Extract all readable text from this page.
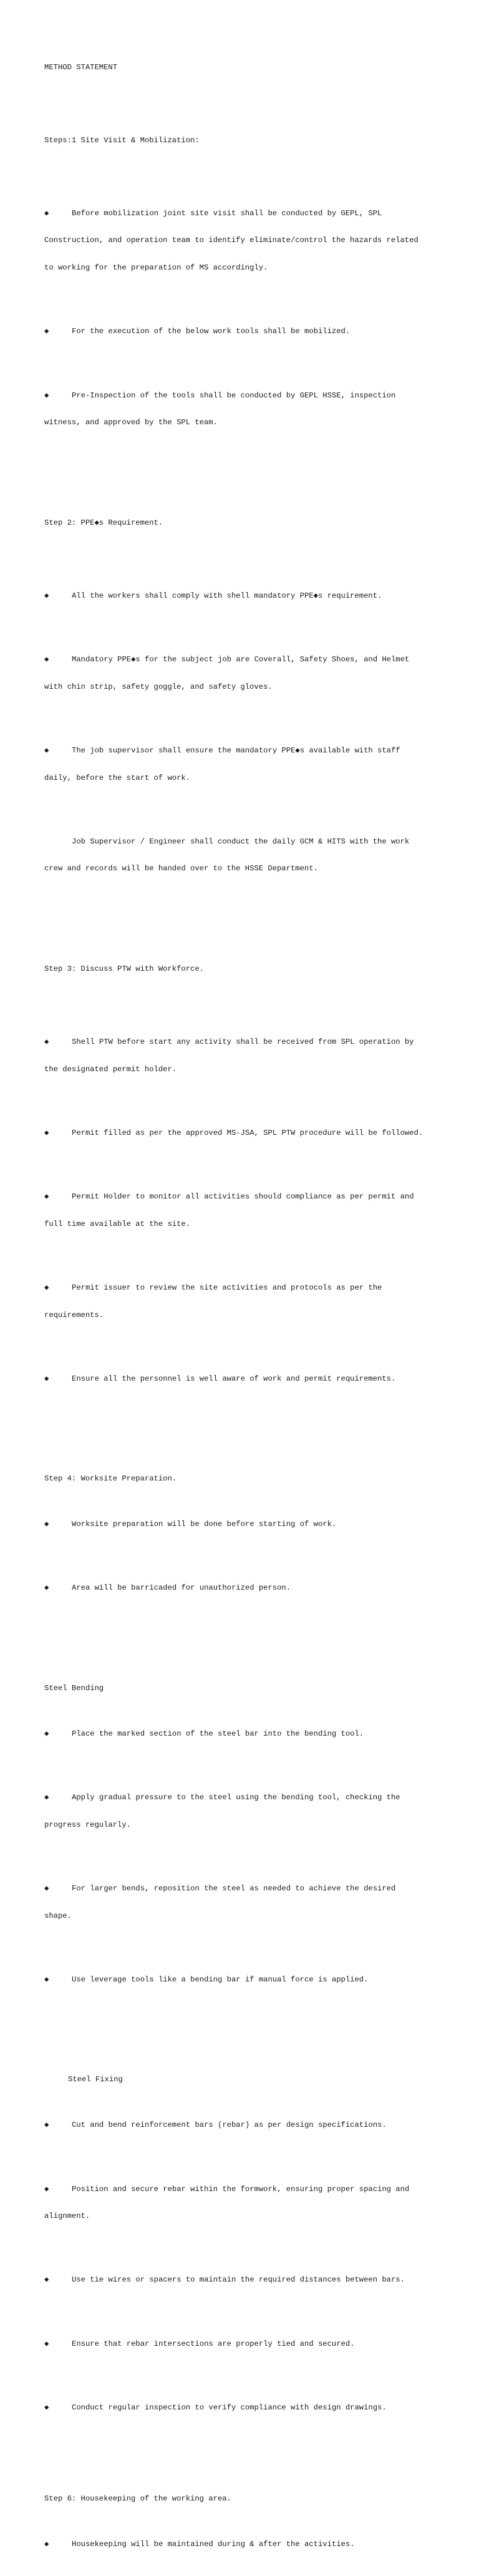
METHOD STATEMENT

Steps:1 Site Visit & Mobilization:

◆	Before mobilization joint site visit shall be conducted by GEPL, SPL

Construction, and operation team to identify eliminate/control the hazards related

to working for the preparation of MS accordingly.

◆	For the execution of the below work tools shall be mobilized.

◆	Pre-Inspection of the tools shall be conducted by GEPL HSSE, inspection

witness, and approved by the SPL team.

Step 2: PPE◆s Requirement.

◆	All the workers shall comply with shell mandatory PPE◆s requirement.

◆	Mandatory PPE◆s for the subject job are Coverall, Safety Shoes, and Helmet

with chin strip, safety goggle, and safety gloves.

◆	The job supervisor shall ensure the mandatory PPE◆s available with staff

daily, before the start of work.

Job Supervisor / Engineer shall conduct the daily GCM & HITS with the work

crew and records will be handed over to the HSSE Department.

Step 3: Discuss PTW with Workforce.

◆	Shell PTW before start any activity shall be received from SPL operation by

the designated permit holder.

◆	Permit filled as per the approved MS-JSA, SPL PTW procedure will be followed.

◆	Permit Holder to monitor all activities should compliance as per permit and

full time available at the site.

◆	Permit issuer to review the site activities and protocols as per the

requirements.

◆	Ensure all the personnel is well aware of work and permit requirements.

Step 4: Worksite Preparation.

◆	Worksite preparation will be done before starting of work.

◆	Area will be barricaded for unauthorized person.

Steel Bending

◆	Place the marked section of the steel bar into the bending tool.

◆	Apply gradual pressure to the steel using the bending tool, checking the

progress regularly.

◆	For larger bends, reposition the steel as needed to achieve the desired

shape.

◆	Use leverage tools like a bending bar if manual force is applied.

Steel Fixing

◆	Cut and bend reinforcement bars (rebar) as per design specifications.

◆	Position and secure rebar within the formwork, ensuring proper spacing and

alignment.

◆	Use tie wires or spacers to maintain the required distances between bars.

◆	Ensure that rebar intersections are properly tied and secured.

◆	Conduct regular inspection to verify compliance with design drawings.

Step 6: Housekeeping of the working area.

◆	Housekeeping will be maintained during & after the activities.
